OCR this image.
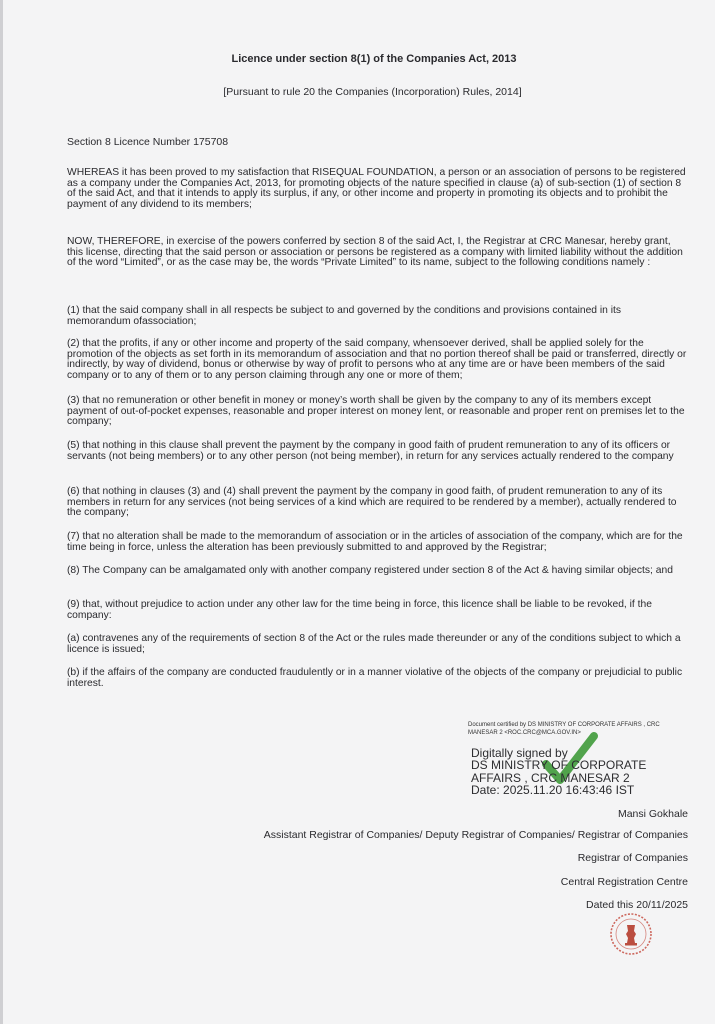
Licence under section 8(1) of the Companies Act, 2013
[Pursuant to rule 20 the Companies (Incorporation) Rules, 2014]
Section 8 Licence Number 175708

WHEREAS it has been proved to my satisfaction that RISEQUAL FOUNDATION, a person or an association of persons to be registered as a company under the Companies Act, 2013, for promoting objects of the nature specified in clause (a) of sub-section (1) of section 8 of the said Act, and that it intends to apply its surplus, if any, or other income and property in promoting its objects and to prohibit the payment of any dividend to its members;

NOW, THEREFORE, in exercise of the powers conferred by section 8 of the said Act, I, the Registrar at CRC Manesar, hereby grant, this license, directing that the said person or association or persons be registered as a company with limited liability without the addition of the word “Limited”, or as the case may be, the words “Private Limited” to its name, subject to the following conditions namely :

(1) that the said company shall in all respects be subject to and governed by the conditions and provisions contained in its memorandum ofassociation;

(2) that the profits, if any or other income and property of the said company, whensoever derived, shall be applied solely for the promotion of the objects as set forth in its memorandum of association and that no portion thereof shall be paid or transferred, directly or indirectly, by way of dividend, bonus or otherwise by way of profit to persons who at any time are or have been members of the said company or to any of them or to any person claiming through any one or more of them;

(3) that no remuneration or other benefit in money or money’s worth shall be given by the company to any of its members except payment of out-of-pocket expenses, reasonable and proper interest on money lent, or reasonable and proper rent on premises let to the company;

(5) that nothing in this clause shall prevent the payment by the company in good faith of prudent remuneration to any of its officers or servants (not being members) or to any other person (not being member), in return for any services actually rendered to the company

(6) that nothing in clauses (3) and (4) shall prevent the payment by the company in good faith, of prudent remuneration to any of its members in return for any services (not being services of a kind which are required to be rendered by a member), actually rendered to the company;

(7) that no alteration shall be made to the memorandum of association or in the articles of association of the company, which are for the time being in force, unless the alteration has been previously submitted to and approved by the Registrar;

(8) The Company can be amalgamated only with another company registered under section 8 of the Act & having similar objects; and

(9) that, without prejudice to action under any other law for the time being in force, this licence shall be liable to be revoked, if the company:

(a) contravenes any of the requirements of section 8 of the Act or the rules made thereunder or any of the conditions subject to which a licence is issued;

(b) if the affairs of the company are conducted fraudulently or in a manner violative of the objects of the company or prejudicial to public interest.

Document certified by DS MINISTRY OF CORPORATE AFFAIRS , CRC MANESAR 2 <ROC.CRC@MCA.GOV.IN>
Digitally signed by
DS MINISTRY OF CORPORATE
AFFAIRS , CRC MANESAR 2
Date: 2025.11.20 16:43:46 IST
Mansi Gokhale
Assistant Registrar of Companies/ Deputy Registrar of Companies/ Registrar of Companies
Registrar of Companies
Central Registration Centre
Dated this 20/11/2025
